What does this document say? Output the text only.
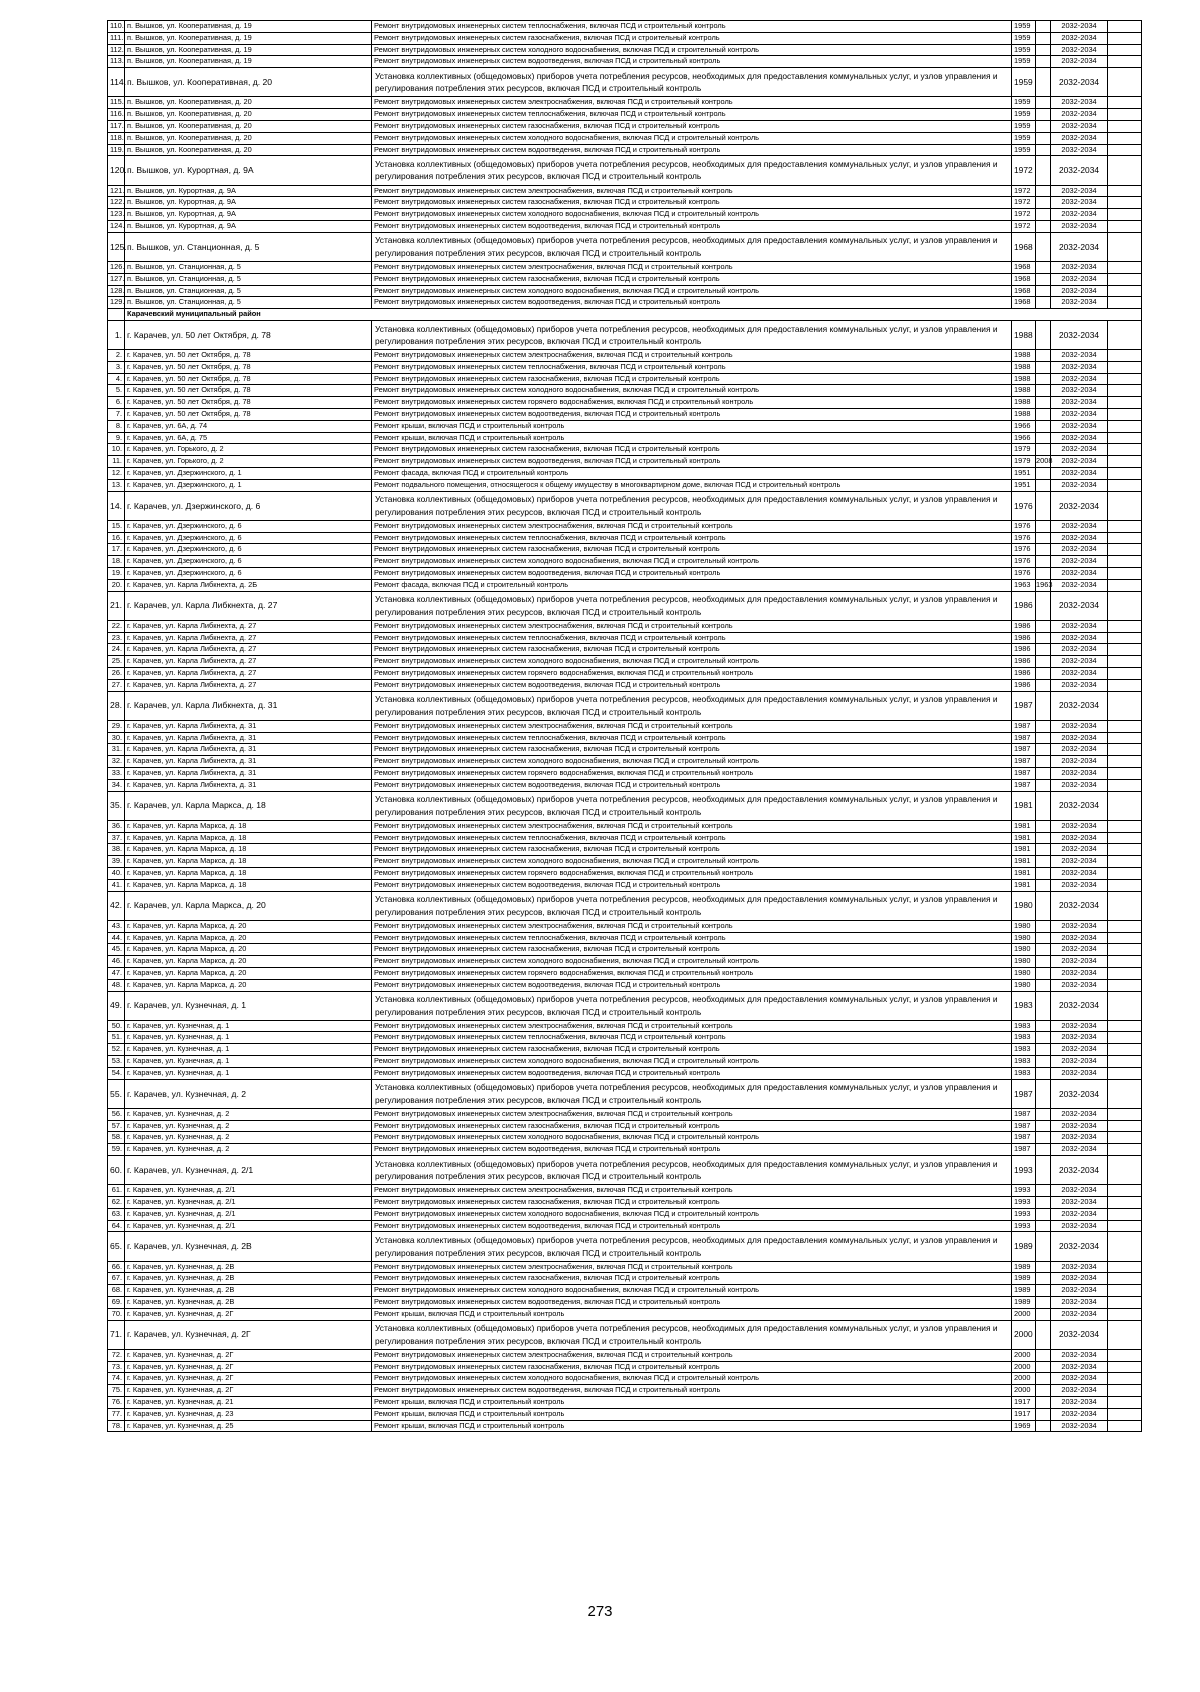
110.	п. Вышков, ул. Кооперативная, д. 19	Ремонт внутридомовых инженерных систем теплоснабжения, включая ПСД и строительный контроль	1959		2032-2034	
111.	п. Вышков, ул. Кооперативная, д. 19	Ремонт внутридомовых инженерных систем газоснабжения, включая ПСД и строительный контроль	1959		2032-2034	
112.	п. Вышков, ул. Кооперативная, д. 19	Ремонт внутридомовых инженерных систем холодного водоснабжения, включая ПСД и строительный контроль	1959		2032-2034	
113.	п. Вышков, ул. Кооперативная, д. 19	Ремонт внутридомовых инженерных систем водоотведения, включая ПСД и строительный контроль	1959		2032-2034	
114.	п. Вышков, ул. Кооперативная, д. 20	Установка коллективных (общедомовых) приборов учета потребления ресурсов, необходимых для предоставления коммунальных услуг, и узлов управления и регулирования потребления этих ресурсов, включая ПСД и строительный контроль	1959		2032-2034	
115.	п. Вышков, ул. Кооперативная, д. 20	Ремонт внутридомовых инженерных систем электроснабжения, включая ПСД и строительный контроль	1959		2032-2034	
116.	п. Вышков, ул. Кооперативная, д. 20	Ремонт внутридомовых инженерных систем теплоснабжения, включая ПСД и строительный контроль	1959		2032-2034	
117.	п. Вышков, ул. Кооперативная, д. 20	Ремонт внутридомовых инженерных систем газоснабжения, включая ПСД и строительный контроль	1959		2032-2034	
118.	п. Вышков, ул. Кооперативная, д. 20	Ремонт внутридомовых инженерных систем холодного водоснабжения, включая ПСД и строительный контроль	1959		2032-2034	
119.	п. Вышков, ул. Кооперативная, д. 20	Ремонт внутридомовых инженерных систем водоотведения, включая ПСД и строительный контроль	1959		2032-2034	
120.	п. Вышков, ул. Курортная, д. 9А	Установка коллективных (общедомовых) приборов учета потребления ресурсов, необходимых для предоставления коммунальных услуг, и узлов управления и регулирования потребления этих ресурсов, включая ПСД и строительный контроль	1972		2032-2034	
121.	п. Вышков, ул. Курортная, д. 9А	Ремонт внутридомовых инженерных систем электроснабжения, включая ПСД и строительный контроль	1972		2032-2034	
122.	п. Вышков, ул. Курортная, д. 9А	Ремонт внутридомовых инженерных систем газоснабжения, включая ПСД и строительный контроль	1972		2032-2034	
123.	п. Вышков, ул. Курортная, д. 9А	Ремонт внутридомовых инженерных систем холодного водоснабжения, включая ПСД и строительный контроль	1972		2032-2034	
124.	п. Вышков, ул. Курортная, д. 9А	Ремонт внутридомовых инженерных систем водоотведения, включая ПСД и строительный контроль	1972		2032-2034	
125.	п. Вышков, ул. Станционная, д. 5	Установка коллективных (общедомовых) приборов учета потребления ресурсов, необходимых для предоставления коммунальных услуг, и узлов управления и регулирования потребления этих ресурсов, включая ПСД и строительный контроль	1968		2032-2034	
126.	п. Вышков, ул. Станционная, д. 5	Ремонт внутридомовых инженерных систем электроснабжения, включая ПСД и строительный контроль	1968		2032-2034	
127.	п. Вышков, ул. Станционная, д. 5	Ремонт внутридомовых инженерных систем газоснабжения, включая ПСД и строительный контроль	1968		2032-2034	
128.	п. Вышков, ул. Станционная, д. 5	Ремонт внутридомовых инженерных систем холодного водоснабжения, включая ПСД и строительный контроль	1968		2032-2034	
129.	п. Вышков, ул. Станционная, д. 5	Ремонт внутридомовых инженерных систем водоотведения, включая ПСД и строительный контроль	1968		2032-2034	
	Карачевский муниципальный район					
1.	г. Карачев, ул. 50 лет Октября, д. 78	Установка коллективных (общедомовых) приборов учета потребления ресурсов, необходимых для предоставления коммунальных услуг, и узлов управления и регулирования потребления этих ресурсов, включая ПСД и строительный контроль	1988		2032-2034	
2.	г. Карачев, ул. 50 лет Октября, д. 78	Ремонт внутридомовых инженерных систем электроснабжения, включая ПСД и строительный контроль	1988		2032-2034	
3.	г. Карачев, ул. 50 лет Октября, д. 78	Ремонт внутридомовых инженерных систем теплоснабжения, включая ПСД и строительный контроль	1988		2032-2034	
4.	г. Карачев, ул. 50 лет Октября, д. 78	Ремонт внутридомовых инженерных систем газоснабжения, включая ПСД и строительный контроль	1988		2032-2034	
5.	г. Карачев, ул. 50 лет Октября, д. 78	Ремонт внутридомовых инженерных систем холодного водоснабжения, включая ПСД и строительный контроль	1988		2032-2034	
6.	г. Карачев, ул. 50 лет Октября, д. 78	Ремонт внутридомовых инженерных систем горячего водоснабжения, включая ПСД и строительный контроль	1988		2032-2034	
7.	г. Карачев, ул. 50 лет Октября, д. 78	Ремонт внутридомовых инженерных систем водоотведения, включая ПСД и строительный контроль	1988		2032-2034	
8.	г. Карачев, ул. 6А, д. 74	Ремонт крыши, включая ПСД и строительный контроль	1966		2032-2034	
9.	г. Карачев, ул. 6А, д. 75	Ремонт крыши, включая ПСД и строительный контроль	1966		2032-2034	
10.	г. Карачев, ул. Горького, д. 2	Ремонт внутридомовых инженерных систем газоснабжения, включая ПСД и строительный контроль	1979		2032-2034	
11.	г. Карачев, ул. Горького, д. 2	Ремонт внутридомовых инженерных систем водоотведения, включая ПСД и строительный контроль	1979	2008	2032-2034	
12.	г. Карачев, ул. Дзержинского, д. 1	Ремонт фасада, включая ПСД и строительный контроль	1951		2032-2034	
13.	г. Карачев, ул. Дзержинского, д. 1	Ремонт подвального помещения, относящегося к общему имуществу в многоквартирном доме, включая ПСД и строительный контроль	1951		2032-2034	
14.	г. Карачев, ул. Дзержинского, д. 6	Установка коллективных (общедомовых) приборов учета потребления ресурсов, необходимых для предоставления коммунальных услуг, и узлов управления и регулирования потребления этих ресурсов, включая ПСД и строительный контроль	1976		2032-2034	
15.	г. Карачев, ул. Дзержинского, д. 6	Ремонт внутридомовых инженерных систем электроснабжения, включая ПСД и строительный контроль	1976		2032-2034	
16.	г. Карачев, ул. Дзержинского, д. 6	Ремонт внутридомовых инженерных систем теплоснабжения, включая ПСД и строительный контроль	1976		2032-2034	
17.	г. Карачев, ул. Дзержинского, д. 6	Ремонт внутридомовых инженерных систем газоснабжения, включая ПСД и строительный контроль	1976		2032-2034	
18.	г. Карачев, ул. Дзержинского, д. 6	Ремонт внутридомовых инженерных систем холодного водоснабжения, включая ПСД и строительный контроль	1976		2032-2034	
19.	г. Карачев, ул. Дзержинского, д. 6	Ремонт внутридомовых инженерных систем водоотведения, включая ПСД и строительный контроль	1976		2032-2034	
20.	г. Карачев, ул. Карла Либкнехта, д. 2Б	Ремонт фасада, включая ПСД и строительный контроль	1963	1963	2032-2034	
21.	г. Карачев, ул. Карла Либкнехта, д. 27	Установка коллективных (общедомовых) приборов учета потребления ресурсов, необходимых для предоставления коммунальных услуг, и узлов управления и регулирования потребления этих ресурсов, включая ПСД и строительный контроль	1986		2032-2034	
22.	г. Карачев, ул. Карла Либкнехта, д. 27	Ремонт внутридомовых инженерных систем электроснабжения, включая ПСД и строительный контроль	1986		2032-2034	
23.	г. Карачев, ул. Карла Либкнехта, д. 27	Ремонт внутридомовых инженерных систем теплоснабжения, включая ПСД и строительный контроль	1986		2032-2034	
24.	г. Карачев, ул. Карла Либкнехта, д. 27	Ремонт внутридомовых инженерных систем газоснабжения, включая ПСД и строительный контроль	1986		2032-2034	
25.	г. Карачев, ул. Карла Либкнехта, д. 27	Ремонт внутридомовых инженерных систем холодного водоснабжения, включая ПСД и строительный контроль	1986		2032-2034	
26.	г. Карачев, ул. Карла Либкнехта, д. 27	Ремонт внутридомовых инженерных систем горячего водоснабжения, включая ПСД и строительный контроль	1986		2032-2034	
27.	г. Карачев, ул. Карла Либкнехта, д. 27	Ремонт внутридомовых инженерных систем водоотведения, включая ПСД и строительный контроль	1986		2032-2034	
28.	г. Карачев, ул. Карла Либкнехта, д. 31	Установка коллективных (общедомовых) приборов учета потребления ресурсов, необходимых для предоставления коммунальных услуг, и узлов управления и регулирования потребления этих ресурсов, включая ПСД и строительный контроль	1987		2032-2034	
29.	г. Карачев, ул. Карла Либкнехта, д. 31	Ремонт внутридомовых инженерных систем электроснабжения, включая ПСД и строительный контроль	1987		2032-2034	
30.	г. Карачев, ул. Карла Либкнехта, д. 31	Ремонт внутридомовых инженерных систем теплоснабжения, включая ПСД и строительный контроль	1987		2032-2034	
31.	г. Карачев, ул. Карла Либкнехта, д. 31	Ремонт внутридомовых инженерных систем газоснабжения, включая ПСД и строительный контроль	1987		2032-2034	
32.	г. Карачев, ул. Карла Либкнехта, д. 31	Ремонт внутридомовых инженерных систем холодного водоснабжения, включая ПСД и строительный контроль	1987		2032-2034	
33.	г. Карачев, ул. Карла Либкнехта, д. 31	Ремонт внутридомовых инженерных систем горячего водоснабжения, включая ПСД и строительный контроль	1987		2032-2034	
34.	г. Карачев, ул. Карла Либкнехта, д. 31	Ремонт внутридомовых инженерных систем водоотведения, включая ПСД и строительный контроль	1987		2032-2034	
35.	г. Карачев, ул. Карла Маркса, д. 18	Установка коллективных (общедомовых) приборов учета потребления ресурсов, необходимых для предоставления коммунальных услуг, и узлов управления и регулирования потребления этих ресурсов, включая ПСД и строительный контроль	1981		2032-2034	
36.	г. Карачев, ул. Карла Маркса, д. 18	Ремонт внутридомовых инженерных систем электроснабжения, включая ПСД и строительный контроль	1981		2032-2034	
37.	г. Карачев, ул. Карла Маркса, д. 18	Ремонт внутридомовых инженерных систем теплоснабжения, включая ПСД и строительный контроль	1981		2032-2034	
38.	г. Карачев, ул. Карла Маркса, д. 18	Ремонт внутридомовых инженерных систем газоснабжения, включая ПСД и строительный контроль	1981		2032-2034	
39.	г. Карачев, ул. Карла Маркса, д. 18	Ремонт внутридомовых инженерных систем холодного водоснабжения, включая ПСД и строительный контроль	1981		2032-2034	
40.	г. Карачев, ул. Карла Маркса, д. 18	Ремонт внутридомовых инженерных систем горячего водоснабжения, включая ПСД и строительный контроль	1981		2032-2034	
41.	г. Карачев, ул. Карла Маркса, д. 18	Ремонт внутридомовых инженерных систем водоотведения, включая ПСД и строительный контроль	1981		2032-2034	
42.	г. Карачев, ул. Карла Маркса, д. 20	Установка коллективных (общедомовых) приборов учета потребления ресурсов, необходимых для предоставления коммунальных услуг, и узлов управления и регулирования потребления этих ресурсов, включая ПСД и строительный контроль	1980		2032-2034	
43.	г. Карачев, ул. Карла Маркса, д. 20	Ремонт внутридомовых инженерных систем электроснабжения, включая ПСД и строительный контроль	1980		2032-2034	
44.	г. Карачев, ул. Карла Маркса, д. 20	Ремонт внутридомовых инженерных систем теплоснабжения, включая ПСД и строительный контроль	1980		2032-2034	
45.	г. Карачев, ул. Карла Маркса, д. 20	Ремонт внутридомовых инженерных систем газоснабжения, включая ПСД и строительный контроль	1980		2032-2034	
46.	г. Карачев, ул. Карла Маркса, д. 20	Ремонт внутридомовых инженерных систем холодного водоснабжения, включая ПСД и строительный контроль	1980		2032-2034	
47.	г. Карачев, ул. Карла Маркса, д. 20	Ремонт внутридомовых инженерных систем горячего водоснабжения, включая ПСД и строительный контроль	1980		2032-2034	
48.	г. Карачев, ул. Карла Маркса, д. 20	Ремонт внутридомовых инженерных систем водоотведения, включая ПСД и строительный контроль	1980		2032-2034	
49.	г. Карачев, ул. Кузнечная, д. 1	Установка коллективных (общедомовых) приборов учета потребления ресурсов, необходимых для предоставления коммунальных услуг, и узлов управления и регулирования потребления этих ресурсов, включая ПСД и строительный контроль	1983		2032-2034	
50.	г. Карачев, ул. Кузнечная, д. 1	Ремонт внутридомовых инженерных систем электроснабжения, включая ПСД и строительный контроль	1983		2032-2034	
51.	г. Карачев, ул. Кузнечная, д. 1	Ремонт внутридомовых инженерных систем теплоснабжения, включая ПСД и строительный контроль	1983		2032-2034	
52.	г. Карачев, ул. Кузнечная, д. 1	Ремонт внутридомовых инженерных систем газоснабжения, включая ПСД и строительный контроль	1983		2032-2034	
53.	г. Карачев, ул. Кузнечная, д. 1	Ремонт внутридомовых инженерных систем холодного водоснабжения, включая ПСД и строительный контроль	1983		2032-2034	
54.	г. Карачев, ул. Кузнечная, д. 1	Ремонт внутридомовых инженерных систем водоотведения, включая ПСД и строительный контроль	1983		2032-2034	
55.	г. Карачев, ул. Кузнечная, д. 2	Установка коллективных (общедомовых) приборов учета потребления ресурсов, необходимых для предоставления коммунальных услуг, и узлов управления и регулирования потребления этих ресурсов, включая ПСД и строительный контроль	1987		2032-2034	
56.	г. Карачев, ул. Кузнечная, д. 2	Ремонт внутридомовых инженерных систем электроснабжения, включая ПСД и строительный контроль	1987		2032-2034	
57.	г. Карачев, ул. Кузнечная, д. 2	Ремонт внутридомовых инженерных систем газоснабжения, включая ПСД и строительный контроль	1987		2032-2034	
58.	г. Карачев, ул. Кузнечная, д. 2	Ремонт внутридомовых инженерных систем холодного водоснабжения, включая ПСД и строительный контроль	1987		2032-2034	
59.	г. Карачев, ул. Кузнечная, д. 2	Ремонт внутридомовых инженерных систем водоотведения, включая ПСД и строительный контроль	1987		2032-2034	
60.	г. Карачев, ул. Кузнечная, д. 2/1	Установка коллективных (общедомовых) приборов учета потребления ресурсов, необходимых для предоставления коммунальных услуг, и узлов управления и регулирования потребления этих ресурсов, включая ПСД и строительный контроль	1993		2032-2034	
61.	г. Карачев, ул. Кузнечная, д. 2/1	Ремонт внутридомовых инженерных систем электроснабжения, включая ПСД и строительный контроль	1993		2032-2034	
62.	г. Карачев, ул. Кузнечная, д. 2/1	Ремонт внутридомовых инженерных систем газоснабжения, включая ПСД и строительный контроль	1993		2032-2034	
63.	г. Карачев, ул. Кузнечная, д. 2/1	Ремонт внутридомовых инженерных систем холодного водоснабжения, включая ПСД и строительный контроль	1993		2032-2034	
64.	г. Карачев, ул. Кузнечная, д. 2/1	Ремонт внутридомовых инженерных систем водоотведения, включая ПСД и строительный контроль	1993		2032-2034	
65.	г. Карачев, ул. Кузнечная, д. 2В	Установка коллективных (общедомовых) приборов учета потребления ресурсов, необходимых для предоставления коммунальных услуг, и узлов управления и регулирования потребления этих ресурсов, включая ПСД и строительный контроль	1989		2032-2034	
66.	г. Карачев, ул. Кузнечная, д. 2В	Ремонт внутридомовых инженерных систем электроснабжения, включая ПСД и строительный контроль	1989		2032-2034	
67.	г. Карачев, ул. Кузнечная, д. 2В	Ремонт внутридомовых инженерных систем газоснабжения, включая ПСД и строительный контроль	1989		2032-2034	
68.	г. Карачев, ул. Кузнечная, д. 2В	Ремонт внутридомовых инженерных систем холодного водоснабжения, включая ПСД и строительный контроль	1989		2032-2034	
69.	г. Карачев, ул. Кузнечная, д. 2В	Ремонт внутридомовых инженерных систем водоотведения, включая ПСД и строительный контроль	1989		2032-2034	
70.	г. Карачев, ул. Кузнечная, д. 2Г	Ремонт крыши, включая ПСД и строительный контроль	2000		2032-2034	
71.	г. Карачев, ул. Кузнечная, д. 2Г	Установка коллективных (общедомовых) приборов учета потребления ресурсов, необходимых для предоставления коммунальных услуг, и узлов управления и регулирования потребления этих ресурсов, включая ПСД и строительный контроль	2000		2032-2034	
72.	г. Карачев, ул. Кузнечная, д. 2Г	Ремонт внутридомовых инженерных систем электроснабжения, включая ПСД и строительный контроль	2000		2032-2034	
73.	г. Карачев, ул. Кузнечная, д. 2Г	Ремонт внутридомовых инженерных систем газоснабжения, включая ПСД и строительный контроль	2000		2032-2034	
74.	г. Карачев, ул. Кузнечная, д. 2Г	Ремонт внутридомовых инженерных систем холодного водоснабжения, включая ПСД и строительный контроль	2000		2032-2034	
75.	г. Карачев, ул. Кузнечная, д. 2Г	Ремонт внутридомовых инженерных систем водоотведения, включая ПСД и строительный контроль	2000		2032-2034	
76.	г. Карачев, ул. Кузнечная, д. 21	Ремонт крыши, включая ПСД и строительный контроль	1917		2032-2034	
77.	г. Карачев, ул. Кузнечная, д. 23	Ремонт крыши, включая ПСД и строительный контроль	1917		2032-2034	
78.	г. Карачев, ул. Кузнечная, д. 25	Ремонт крыши, включая ПСД и строительный контроль	1969		2032-2034	
273
